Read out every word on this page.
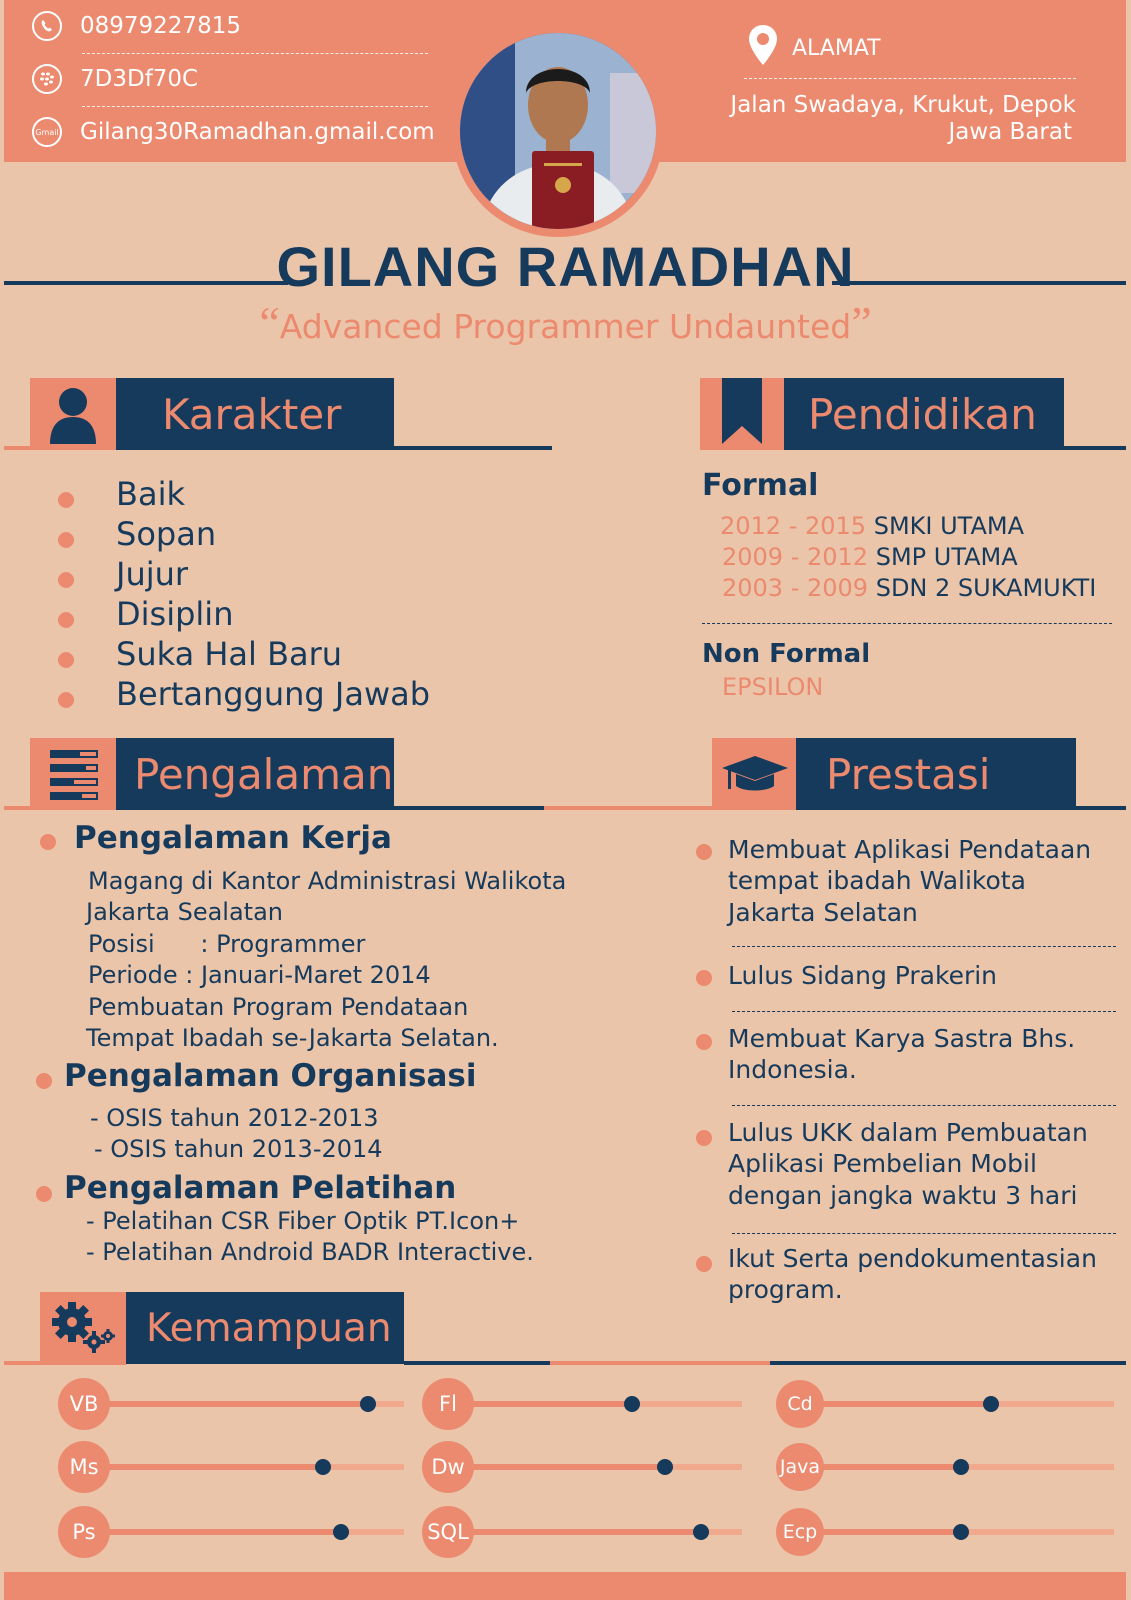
08979227815
7D3Df70C
Gmail Gilang30Ramadhan.gmail.com
ALAMAT
Jalan Swadaya, Krukut, Depok
Jawa Barat
GILANG RAMADHAN
“Advanced Programmer Undaunted”
Karakter
Baik
Sopan
Jujur
Disiplin
Suka Hal Baru
Bertanggung Jawab
Pendidikan
Formal
2012 - 2015 SMKI UTAMA
2009 - 2012 SMP UTAMA
2003 - 2009 SDN 2 SUKAMUKTI
Non Formal
EPSILON
Pengalaman	Prestasi
Pengalaman Kerja
Magang di Kantor Administrasi Walikota
Jakarta Sealatan
Posisi      : Programmer
Periode : Januari-Maret 2014
Pembuatan Program Pendataan
Tempat Ibadah se-Jakarta Selatan.
Pengalaman Organisasi
- OSIS tahun 2012-2013
- OSIS tahun 2013-2014
Pengalaman Pelatihan
- Pelatihan CSR Fiber Optik PT.Icon+
- Pelatihan Android BADR Interactive.
Membuat Aplikasi Pendataan
tempat ibadah Walikota
Jakarta Selatan
Lulus Sidang Prakerin
Membuat Karya Sastra Bhs.
Indonesia.
Lulus UKK dalam Pembuatan
Aplikasi Pembelian Mobil
dengan jangka waktu 3 hari
Ikut Serta pendokumentasian
program.
Kemampuan
VB
Ms
Ps
Fl
Dw
SQL
Cd
Java
Ecp
